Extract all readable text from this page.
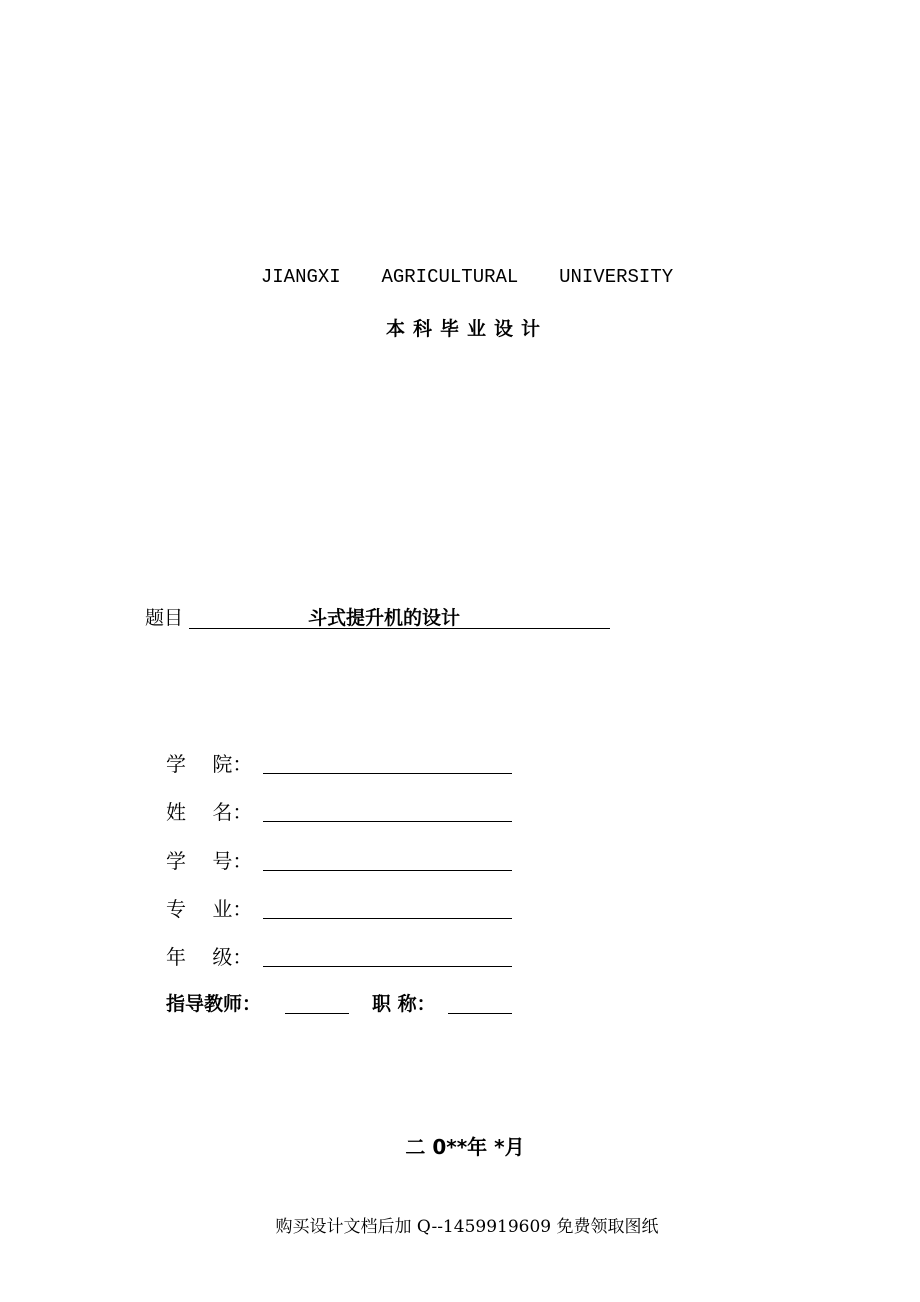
JIANGXI  AGRICULTURAL  UNIVERSITY
本科毕业设计
题目	斗式提升机的设计
学　 院：
姓　 名：
学　 号：
专　 业：
年　 级：
指导教师：	职 称：
二 0**年 *月
购买设计文档后加 Q--1459919609 免费领取图纸
